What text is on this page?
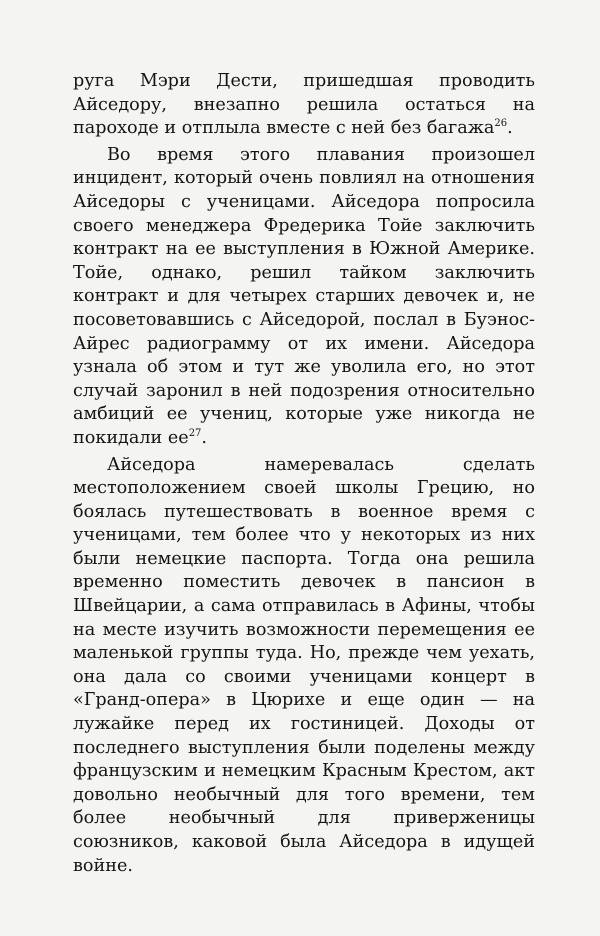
руга Мэри Дести, пришедшая проводить Айседору, внезапно решила остаться на пароходе и отплыла вместе с ней без багажа$^{26}$.

Во время этого плавания произошел инцидент, который очень повлиял на отношения Айседоры с ученицами. Айседора попросила своего менеджера Фредерика Тойе заключить контракт на ее выступления в Южной Америке. Тойе, однако, решил тайком заключить контракт и для четырех старших девочек и, не посоветовавшись с Айседорой, послал в Буэнос-Айрес радиограмму от их имени. Айседора узнала об этом и тут же уволила его, но этот случай заронил в ней подозрения относительно амбиций ее учениц, которые уже никогда не покидали $ее^{27}$.

Айседора намеревалась сделать местоположением своей школы Грецию, но боялась путешествовать в военное время с ученицами, тем более что у некоторых из них были немецкие паспорта. Тогда она решила временно поместить девочек в пансион в Швейцарии, а сама отправилась в Афины, чтобы на месте изучить возможности перемещения ее маленькой группы туда. Но, прежде чем уехать, она дала со своими ученицами концерт в «Гранд-опера» в Цюрихе и еще один — на лужайке перед их гостиницей. Доходы от последнего выступления были поделены между французским и немецким Красным Крестом, акт довольно необычный для того времени, тем более необычный для приверженицы союзников, каковой была Айседора в идущей войне.
